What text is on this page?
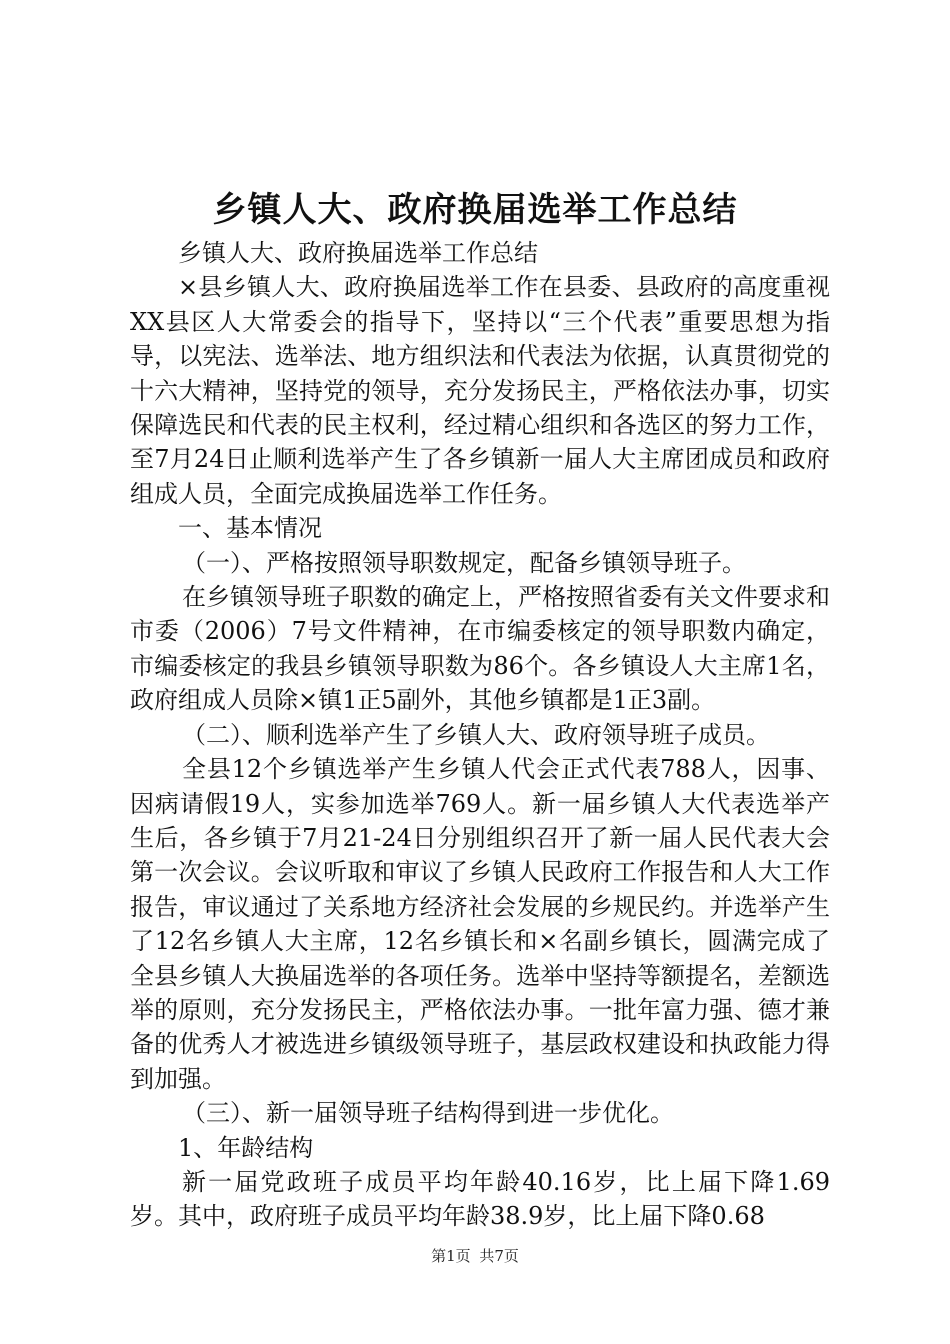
乡镇人大、政府换届选举工作总结

乡镇人大、政府换届选举工作总结

×县乡镇人大、政府换届选举工作在县委、县政府的高度重视XX县区人大常委会的指导下，坚持以“三个代表”重要思想为指导，以宪法、选举法、地方组织法和代表法为依据，认真贯彻党的十六大精神，坚持党的领导，充分发扬民主，严格依法办事，切实保障选民和代表的民主权利，经过精心组织和各选区的努力工作，至7月24日止顺利选举产生了各乡镇新一届人大主席团成员和政府组成人员，全面完成换届选举工作任务。

一、基本情况

（一）、严格按照领导职数规定，配备乡镇领导班子。

在乡镇领导班子职数的确定上，严格按照省委有关文件要求和市委（2006）7号文件精神，在市编委核定的领导职数内确定，市编委核定的我县乡镇领导职数为86个。各乡镇设人大主席1名，政府组成人员除×镇1正5副外，其他乡镇都是1正3副。

（二）、顺利选举产生了乡镇人大、政府领导班子成员。

全县12个乡镇选举产生乡镇人代会正式代表788人，因事、因病请假19人，实参加选举769人。新一届乡镇人大代表选举产生后，各乡镇于7月21-24日分别组织召开了新一届人民代表大会第一次会议。会议听取和审议了乡镇人民政府工作报告和人大工作报告，审议通过了关系地方经济社会发展的乡规民约。并选举产生了12名乡镇人大主席，12名乡镇长和×名副乡镇长，圆满完成了全县乡镇人大换届选举的各项任务。选举中坚持等额提名，差额选举的原则，充分发扬民主，严格依法办事。一批年富力强、德才兼备的优秀人才被选进乡镇级领导班子，基层政权建设和执政能力得到加强。

（三）、新一届领导班子结构得到进一步优化。

1、年龄结构

新一届党政班子成员平均年龄40.16岁，比上届下降1.69岁。其中，政府班子成员平均年龄38.9岁，比上届下降0.68

第1页 共7页
